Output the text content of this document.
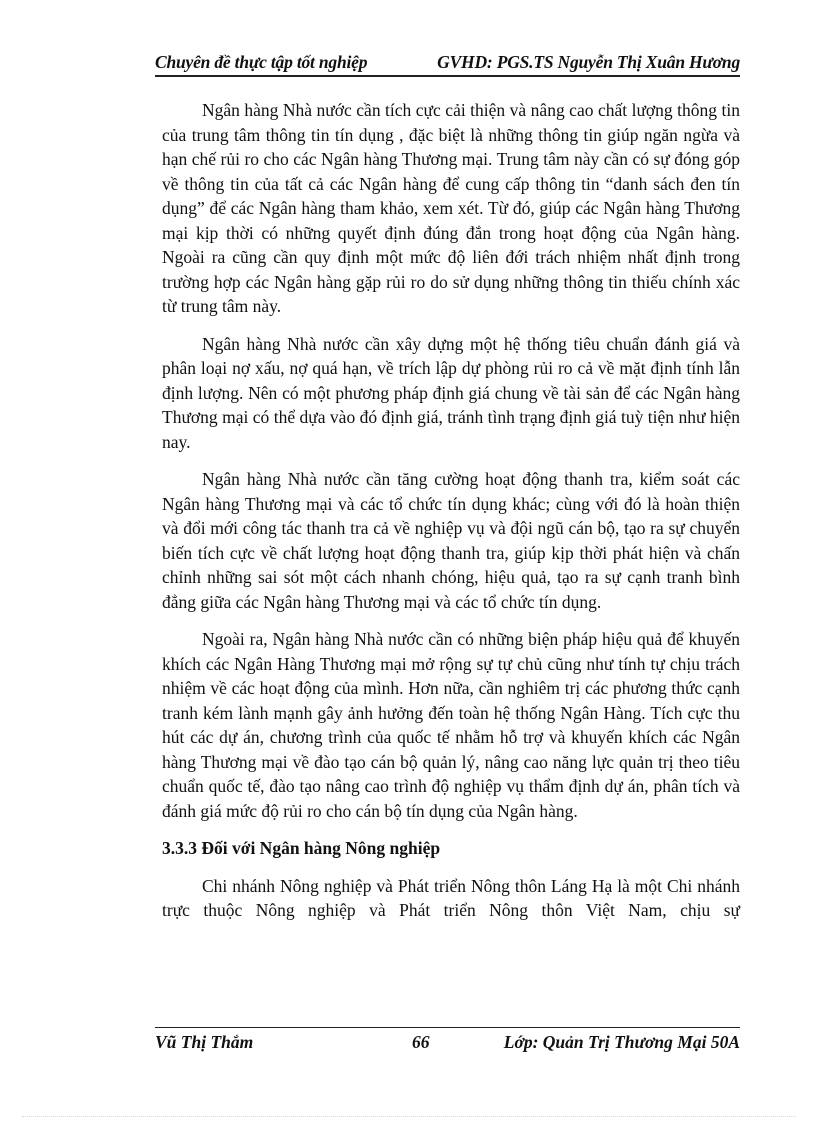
Chuyên đề thực tập tốt nghiệp	GVHD: PGS.TS Nguyễn Thị Xuân Hương

Ngân hàng Nhà nước cần tích cực cải thiện và nâng cao chất lượng thông tin của trung tâm thông tin tín dụng , đặc biệt là những thông tin giúp ngăn ngừa và hạn chế rủi ro cho các Ngân hàng Thương mại. Trung tâm này cần có sự đóng góp về thông tin của tất cả các Ngân hàng để cung cấp thông tin “danh sách đen tín dụng” để các Ngân hàng tham khảo, xem xét. Từ đó, giúp các Ngân hàng Thương mại kịp thời có những quyết định đúng đắn trong hoạt động của Ngân hàng. Ngoài ra cũng cần quy định một mức độ liên đới trách nhiệm nhất định trong trường hợp các Ngân hàng gặp rủi ro do sử dụng những thông tin thiếu chính xác từ trung tâm này.

Ngân hàng Nhà nước cần xây dựng một hệ thống tiêu chuẩn đánh giá và phân loại nợ xấu, nợ quá hạn, về trích lập dự phòng rủi ro cả về mặt định tính lẫn định lượng. Nên có một phương pháp định giá chung về tài sản để các Ngân hàng Thương mại có thể dựa vào đó định giá, tránh tình trạng định giá tuỳ tiện như hiện nay.

Ngân hàng Nhà nước cần tăng cường hoạt động thanh tra, kiểm soát các Ngân hàng Thương mại và các tổ chức tín dụng khác; cùng với đó là hoàn thiện và đổi mới công tác thanh tra cả về nghiệp vụ và đội ngũ cán bộ, tạo ra sự chuyển biến tích cực về chất lượng hoạt động thanh tra, giúp kịp thời phát hiện và chấn chỉnh những sai sót một cách nhanh chóng, hiệu quả, tạo ra sự cạnh tranh bình đẳng giữa các Ngân hàng Thương mại và các tổ chức tín dụng.

Ngoài ra, Ngân hàng Nhà nước cần có những biện pháp hiệu quả để khuyến khích các Ngân Hàng Thương mại mở rộng sự tự chủ cũng như tính tự chịu trách nhiệm về các hoạt động của mình. Hơn nữa, cần nghiêm trị các phương thức cạnh tranh kém lành mạnh gây ảnh hưởng đến toàn hệ thống Ngân Hàng. Tích cực thu hút các dự án, chương trình của quốc tế nhằm hỗ trợ và khuyến khích các Ngân hàng Thương mại về đào tạo cán bộ quản lý, nâng cao năng lực quản trị theo tiêu chuẩn quốc tế, đào tạo nâng cao trình độ nghiệp vụ thẩm định dự án, phân tích và đánh giá mức độ rủi ro cho cán bộ tín dụng của Ngân hàng.

3.3.3 Đối với Ngân hàng Nông nghiệp

Chi nhánh Nông nghiệp và Phát triển Nông thôn Láng Hạ là một Chi nhánh trực thuộc Nông nghiệp và Phát triển Nông thôn Việt Nam, chịu sự

Vũ Thị Thắm	66	Lớp: Quản Trị Thương Mại 50A
